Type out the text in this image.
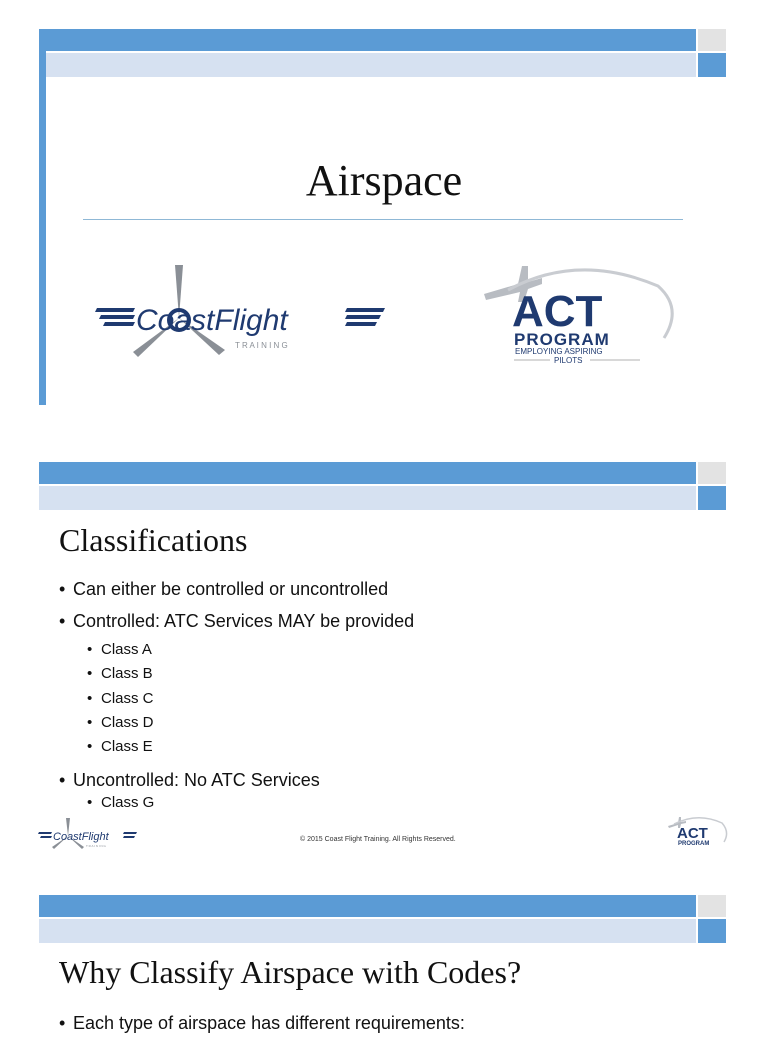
Airspace
CoastFlight
T R A I N I N G
ACT
PROGRAM
EMPLOYING ASPIRING
PILOTS
Classifications
• Can either be controlled or uncontrolled
• Controlled: ATC Services MAY be provided
• Class A
• Class B
• Class C
• Class D
• Class E
• Uncontrolled: No ATC Services
• Class G
CoastFlight
T R A I N I N G
© 2015 Coast Flight Training. All Rights Reserved.	ACT
PROGRAM
Why Classify Airspace with Codes?
• Each type of airspace has different requirements:
